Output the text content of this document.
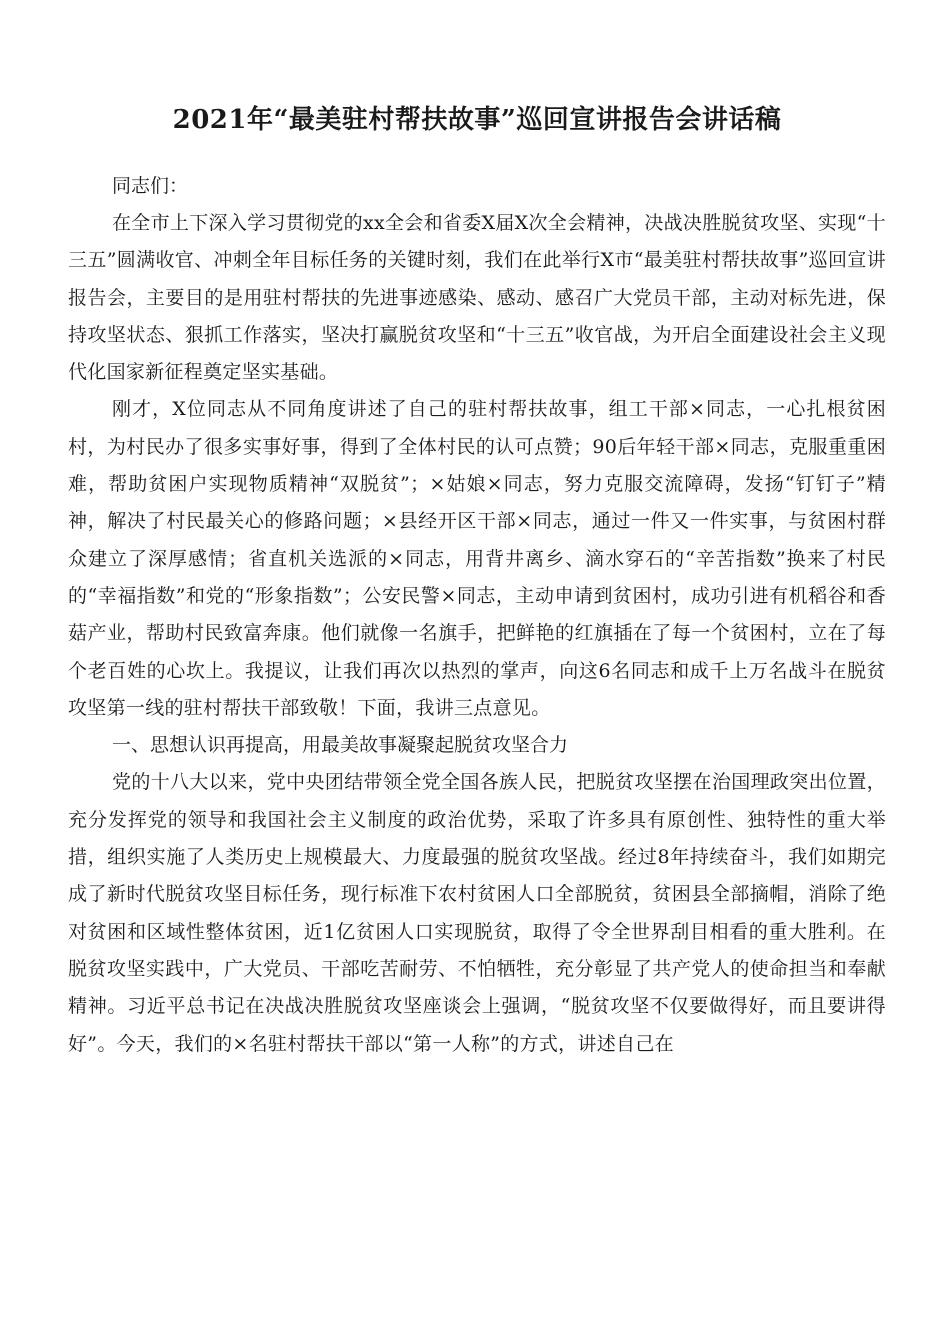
2021年“最美驻村帮扶故事”巡回宣讲报告会讲话稿

同志们：

在全市上下深入学习贯彻党的xx全会和省委X届X次全会精神，决战决胜脱贫攻坚、实现“十三五”圆满收官、冲刺全年目标任务的关键时刻，我们在此举行X市“最美驻村帮扶故事”巡回宣讲报告会，主要目的是用驻村帮扶的先进事迹感染、感动、感召广大党员干部，主动对标先进，保持攻坚状态、狠抓工作落实，坚决打赢脱贫攻坚和“十三五”收官战，为开启全面建设社会主义现代化国家新征程奠定坚实基础。

刚才，X位同志从不同角度讲述了自己的驻村帮扶故事，组工干部×同志，一心扎根贫困村，为村民办了很多实事好事，得到了全体村民的认可点赞；90后年轻干部×同志，克服重重困难，帮助贫困户实现物质精神“双脱贫”；×姑娘×同志，努力克服交流障碍，发扬“钉钉子”精神，解决了村民最关心的修路问题；×县经开区干部×同志，通过一件又一件实事，与贫困村群众建立了深厚感情；省直机关选派的×同志，用背井离乡、滴水穿石的“辛苦指数”换来了村民的“幸福指数”和党的“形象指数”；公安民警×同志，主动申请到贫困村，成功引进有机稻谷和香菇产业，帮助村民致富奔康。他们就像一名旗手，把鲜艳的红旗插在了每一个贫困村，立在了每个老百姓的心坎上。我提议，让我们再次以热烈的掌声，向这6名同志和成千上万名战斗在脱贫攻坚第一线的驻村帮扶干部致敬！下面，我讲三点意见。

一、思想认识再提高，用最美故事凝聚起脱贫攻坚合力

党的十八大以来，党中央团结带领全党全国各族人民，把脱贫攻坚摆在治国理政突出位置，充分发挥党的领导和我国社会主义制度的政治优势，采取了许多具有原创性、独特性的重大举措，组织实施了人类历史上规模最大、力度最强的脱贫攻坚战。经过8年持续奋斗，我们如期完成了新时代脱贫攻坚目标任务，现行标准下农村贫困人口全部脱贫，贫困县全部摘帽，消除了绝对贫困和区域性整体贫困，近1亿贫困人口实现脱贫，取得了令全世界刮目相看的重大胜利。在脱贫攻坚实践中，广大党员、干部吃苦耐劳、不怕牺牲，充分彰显了共产党人的使命担当和奉献精神。习近平总书记在决战决胜脱贫攻坚座谈会上强调，“脱贫攻坚不仅要做得好，而且要讲得好”。今天，我们的×名驻村帮扶干部以“第一人称”的方式，讲述自己在
